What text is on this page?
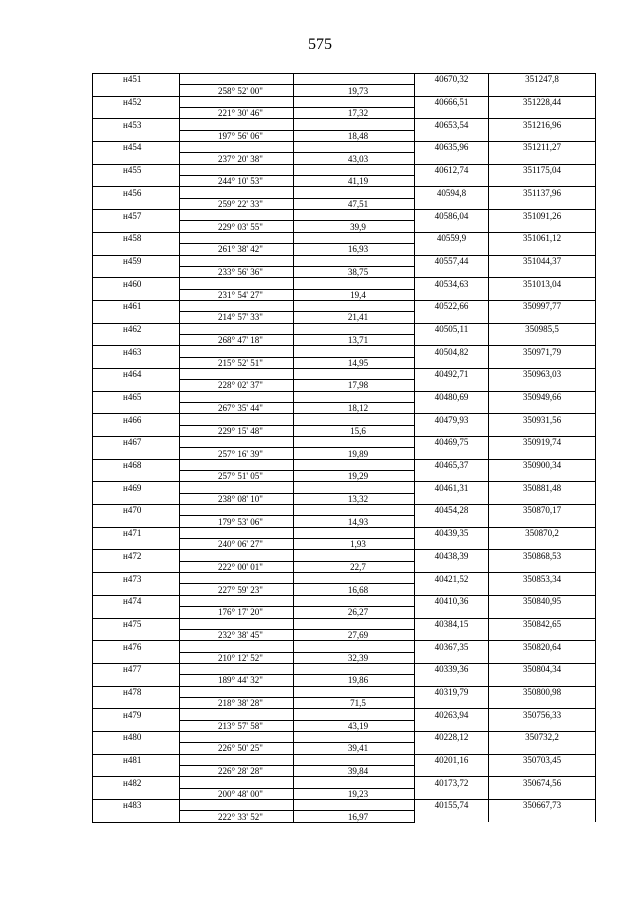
575
н451			40670,32	351247,8
	258° 52' 00"	19,73		
н452			40666,51	351228,44
	221° 30' 46"	17,32		
н453			40653,54	351216,96
	197° 56' 06"	18,48		
н454			40635,96	351211,27
	237° 20' 38"	43,03		
н455			40612,74	351175,04
	244° 10' 53"	41,19		
н456			40594,8	351137,96
	259° 22' 33"	47,51		
н457			40586,04	351091,26
	229° 03' 55"	39,9		
н458			40559,9	351061,12
	261° 38' 42"	16,93		
н459			40557,44	351044,37
	233° 56' 36"	38,75		
н460			40534,63	351013,04
	231° 54' 27"	19,4		
н461			40522,66	350997,77
	214° 57' 33"	21,41		
н462			40505,11	350985,5
	268° 47' 18"	13,71		
н463			40504,82	350971,79
	215° 52' 51"	14,95		
н464			40492,71	350963,03
	228° 02' 37"	17,98		
н465			40480,69	350949,66
	267° 35' 44"	18,12		
н466			40479,93	350931,56
	229° 15' 48"	15,6		
н467			40469,75	350919,74
	257° 16' 39"	19,89		
н468			40465,37	350900,34
	257° 51' 05"	19,29		
н469			40461,31	350881,48
	238° 08' 10"	13,32		
н470			40454,28	350870,17
	179° 53' 06"	14,93		
н471			40439,35	350870,2
	240° 06' 27"	1,93		
н472			40438,39	350868,53
	222° 00' 01"	22,7		
н473			40421,52	350853,34
	227° 59' 23"	16,68		
н474			40410,36	350840,95
	176° 17' 20"	26,27		
н475			40384,15	350842,65
	232° 38' 45"	27,69		
н476			40367,35	350820,64
	210° 12' 52"	32,39		
н477			40339,36	350804,34
	189° 44' 32"	19,86		
н478			40319,79	350800,98
	218° 38' 28"	71,5		
н479			40263,94	350756,33
	213° 57' 58"	43,19		
н480			40228,12	350732,2
	226° 50' 25"	39,41		
н481			40201,16	350703,45
	226° 28' 28"	39,84		
н482			40173,72	350674,56
	200° 48' 00"	19,23		
н483			40155,74	350667,73
	222° 33' 52"	16,97		
